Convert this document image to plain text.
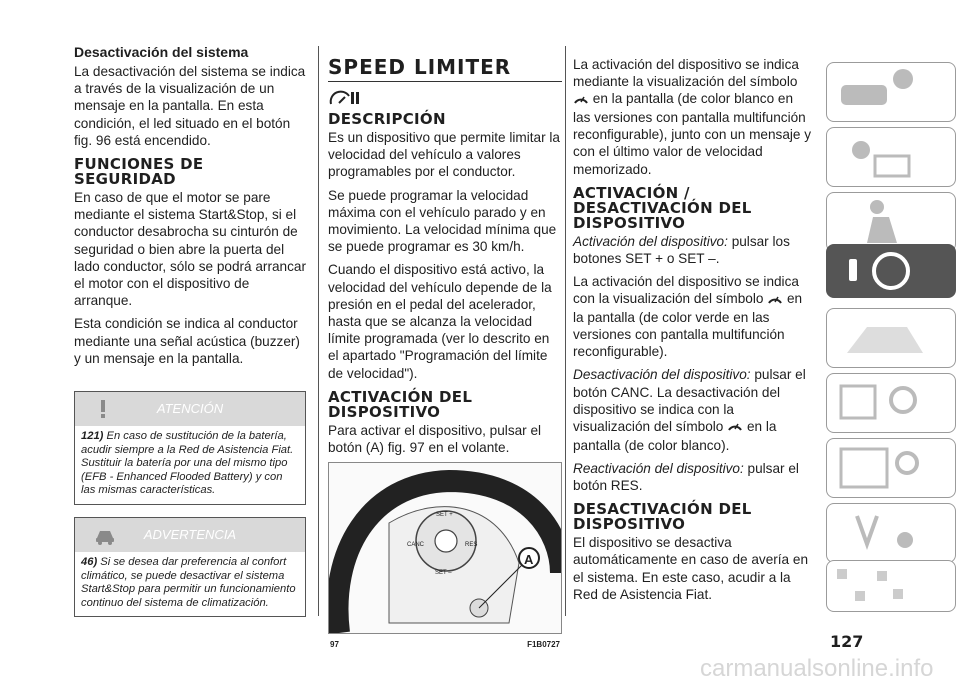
Desactivación del sistema
La desactivación del sistema se indica a través de la visualización de un mensaje en la pantalla. En esta condición, el led situado en el botón fig. 96 está encendido.
FUNCIONES DE SEGURIDAD
En caso de que el motor se pare mediante el sistema Start&Stop, si el conductor desabrocha su cinturón de seguridad o bien abre la puerta del lado conductor, sólo se podrá arrancar el motor con el dispositivo de arranque.
Esta condición se indica al conductor mediante una señal acústica (buzzer) y un mensaje en la pantalla.
ATENCIÓN
121) En caso de sustitución de la batería, acudir siempre a la Red de Asistencia Fiat. Sustituir la batería por una del mismo tipo (EFB - Enhanced Flooded Battery) y con las mismas características.
ADVERTENCIA
46) Si se desea dar preferencia al confort climático, se puede desactivar el sistema Start&Stop para permitir un funcionamiento continuo del sistema de climatización.
SPEED LIMITER
DESCRIPCIÓN
Es un dispositivo que permite limitar la velocidad del vehículo a valores programables por el conductor.
Se puede programar la velocidad máxima con el vehículo parado y en movimiento. La velocidad mínima que se puede programar es 30 km/h.
Cuando el dispositivo está activo, la velocidad del vehículo depende de la presión en el pedal del acelerador, hasta que se alcanza la velocidad límite programada (ver lo descrito en el apartado "Programación del límite de velocidad").
ACTIVACIÓN DEL DISPOSITIVO
Para activar el dispositivo, pulsar el botón (A) fig. 97 en el volante.
SET +
CANC	RES
SET –
A
97	F1B0727
La activación del dispositivo se indica mediante la visualización del símbolo  en la pantalla (de color blanco en las versiones con pantalla multifunción reconfigurable), junto con un mensaje y con el último valor de velocidad memorizado.
ACTIVACIÓN / DESACTIVACIÓN DEL DISPOSITIVO
Activación del dispositivo: pulsar los botones SET + o SET –.
La activación del dispositivo se indica con la visualización del símbolo en la pantalla (de color verde en las versiones con pantalla multifunción reconfigurable).
Desactivación del dispositivo: pulsar el botón CANC. La desactivación del dispositivo se indica con la visualización del símbolo en la pantalla (de color blanco).
Reactivación del dispositivo: pulsar el botón RES.
DESACTIVACIÓN DEL DISPOSITIVO
El dispositivo se desactiva automáticamente en caso de avería en el sistema. En este caso, acudir a la Red de Asistencia Fiat.
127
carmanualsonline.info
